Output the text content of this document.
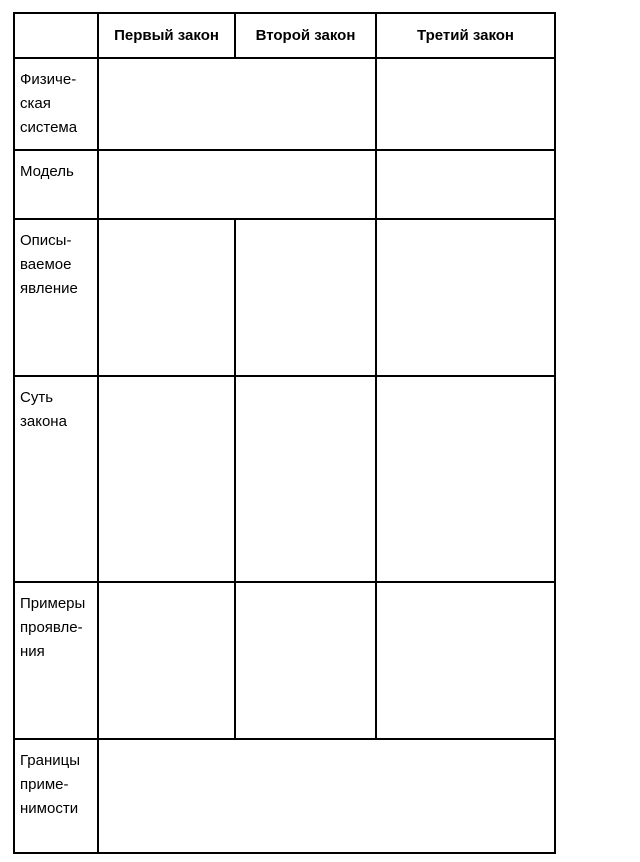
	Первый закон	Второй закон	Третий закон

Физиче-
ская
система			

Модель			

Описы-
ваемое
явление			

Суть
закона			

Примеры
проявле-
ния			

Границы
приме-
нимости			
